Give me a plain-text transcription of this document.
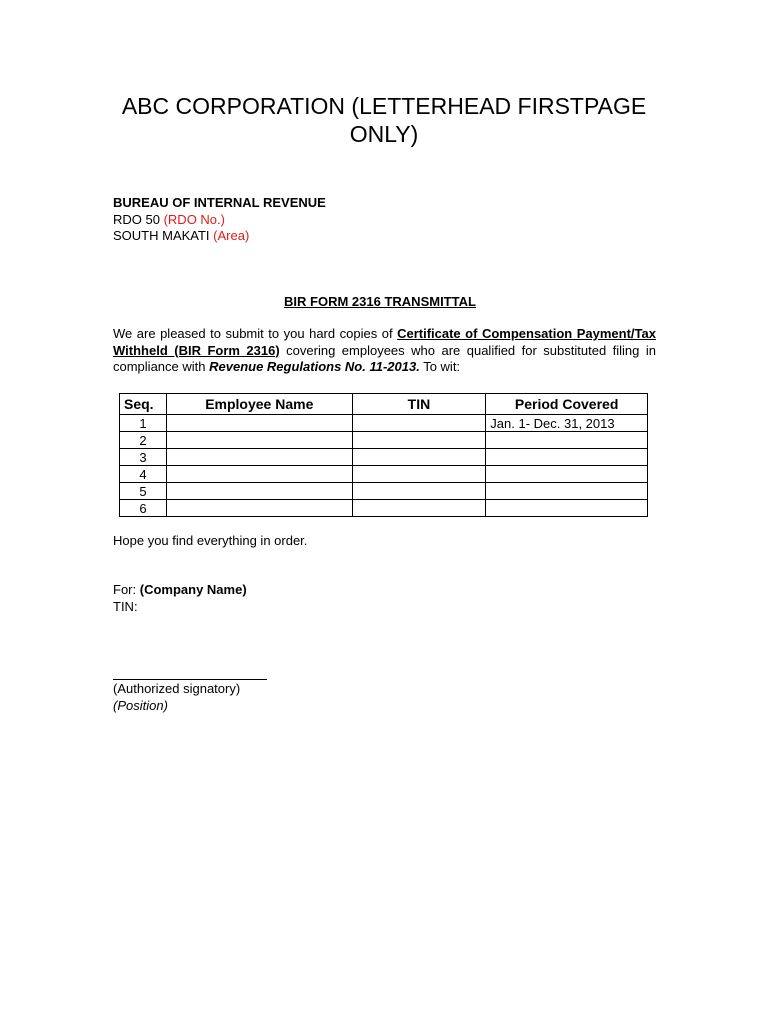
ABC CORPORATION (LETTERHEAD FIRSTPAGE
ONLY)
BUREAU OF INTERNAL REVENUE
RDO 50 (RDO No.)
SOUTH MAKATI (Area)
BIR FORM 2316 TRANSMITTAL

We are pleased to submit to you hard copies of Certificate of Compensation Payment/Tax Withheld (BIR Form 2316) covering employees who are qualified for substituted filing in compliance with Revenue Regulations No. 11-2013. To wit:

Seq.	Employee Name	TIN	Period Covered
1			Jan. 1- Dec. 31, 2013
2			
3			
4			
5			
6			
Hope you find everything in order.
For: (Company Name)
TIN:
(Authorized signatory)
(Position)
